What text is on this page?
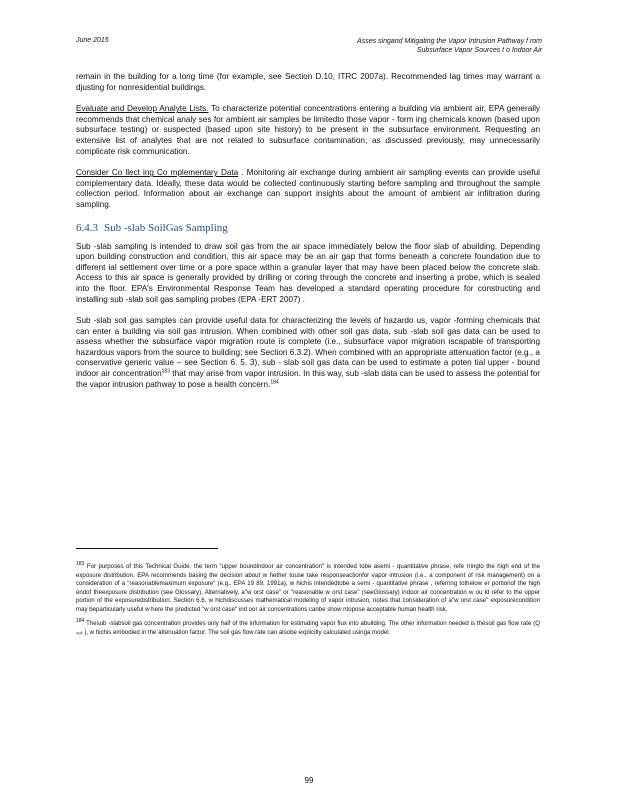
June 2015	Asses singand Mitigating the Vapor Intrusion Pathway f rom
Subsurface Vapor Sources t o Indoor Air

remain in the building for a long time (for example, see Section D.10, ITRC 2007a). Recommended lag times may warrant a djusting for nonresidential buildings.

Evaluate and Develop Analyte Lists. To characterize potential concentrations entering a building via ambient air, EPA generally recommends that chemical analy ses for ambient air samples be limitedto those vapor - form ing chemicals known (based upon subsurface testing) or suspected (based upon site history) to be present in the subsurface environment. Requesting an extensive list of analytes that are not related to subsurface contamination, as discussed previously, may unnecessarily complicate risk communication.

Consider Co llect ing Co mplementary Data . Monitoring air exchange during ambient air sampling events can provide useful complementary data. Ideally, these data would be collected continuously starting before sampling and throughout the sample collection period. Information about air exchange can support insights about the amount of ambient air infiltration during sampling.

6.4.3 Sub -slab SoilGas Sampling

Sub -slab sampling is intended to draw soil gas from the air space immediately below the floor slab of abuilding. Depending upon building construction and condition, this air space may be an air gap that forms beneath a concrete foundation due to different ial settlement over time or a pore space within a granular layer that may have been placed below the concrete slab. Access to this air space is generally provided by drilling or coring through the concrete and inserting a probe, which is sealed into the floor. EPA's Environmental Response Team has developed a standard operating procedure for constructing and installing sub -slab soil gas sampling probes (EPA -ERT 2007) .

Sub -slab soil gas samples can provide useful data for characterizing the levels of hazardo us, vapor -forming chemicals that can enter a building via soil gas intrusion. When combined with other soil gas data, sub -slab soil gas data can be used to assess whether the subsurface vapor migration route is complete (i.e., subsurface vapor migration iscapable of transporting hazardous vapors from the source to building; see Section 6.3.2). When combined with an appropriate attenuation factor (e.g., a conservative generic value – see Section 6. 5. 3), sub - slab soil gas data can be used to estimate a poten tial upper - bound indoor air concentration$^{183}$ that may arise from vapor intrusion. In this way, sub -slab data can be used to assess the potential for the vapor intrusion pathway to pose a health concern.$^{184}$

$^{183}$ For purposes of this Technical Guide, the term "upper boundindoor air concentration" is intended tobe asemi - quantitative phrase, refe rringto the high end of the exposure distribution. EPA recommends basing the decision about w hether touse take responseactionfor vapor intrusion (i.e., a component of risk management) on a consideration of a "reasonablemaximum exposure" (e.g., EPA 19 89, 1991a), w hichis intendedtobe a semi - quantitative phrase , referring tothelow er portionof the high endof theexposure distribution (see Glossary). Alternatively, a"w orst case" or "reasonable w orst case" (seeGlossary) indoor air concentration w ou ld refer to the upper portion of the exposuredistribution. Section 6.6, w hichdiscusses mathematical modeling of vapor intrusion, notes that consideration of a"w orst case" exposurecondition may beparticularly useful w here the predicted "w orst case" ind oor air concentrations canbe show ntopose acceptable human health risk.

$^{184}$ Thesub -slabsoil gas concentration provides only half of the information for estimating vapor flux into abuilding. The other information needed is thesoil gas flow rate (Q ₛₒᵢₗ ), w hichis embodied in the attenuation factor. The soil gas flow rate can alsobe explicitly calculated usinga model.

99
